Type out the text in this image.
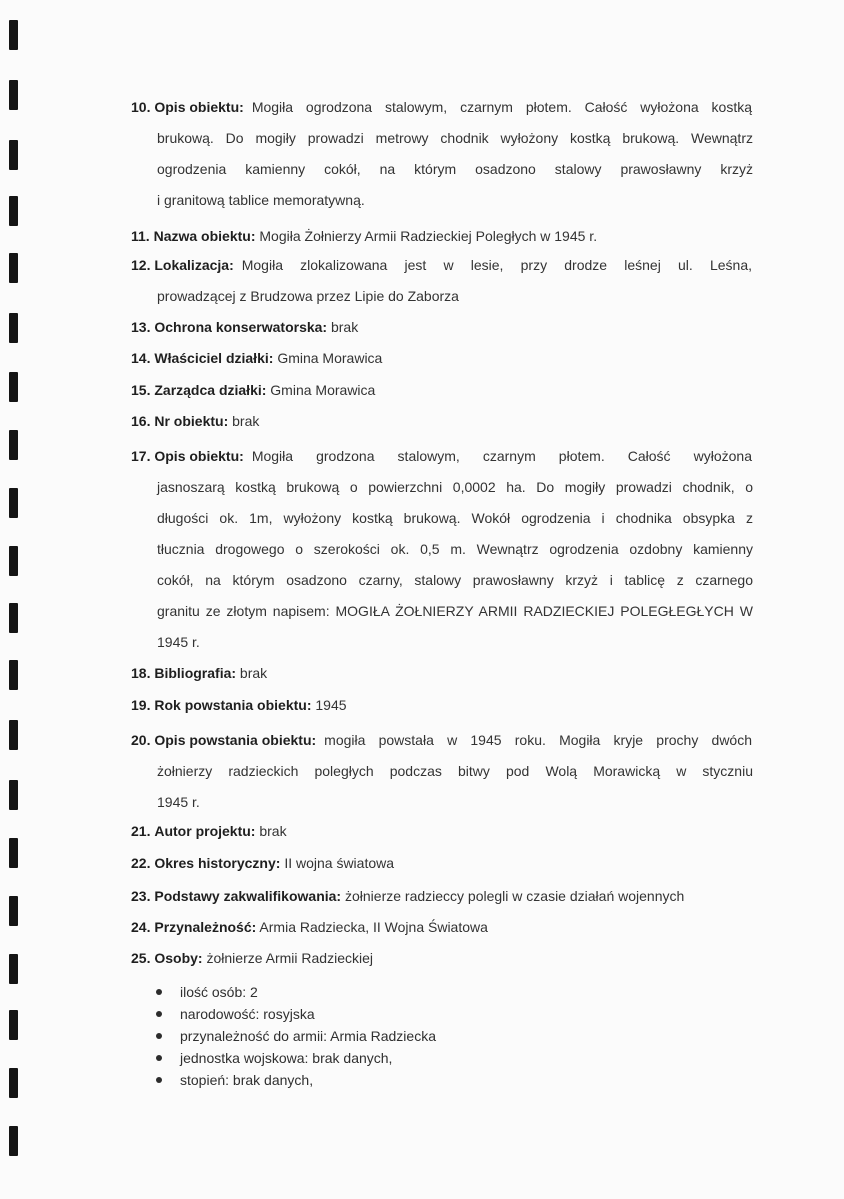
10. Opis obiektu: Mogiła ogrodzona stalowym, czarnym płotem. Całość wyłożona kostką
brukową. Do mogiły prowadzi metrowy chodnik wyłożony kostką brukową. Wewnątrz
ogrodzenia kamienny cokół, na którym osadzono stalowy prawosławny krzyż
i granitową tablice memoratywną.
11. Nazwa obiektu: Mogiła Żołnierzy Armii Radzieckiej Poległych w 1945 r.
12. Lokalizacja: Mogiła zlokalizowana jest w lesie, przy drodze leśnej ul. Leśna,
prowadzącej z Brudzowa przez Lipie do Zaborza
13. Ochrona konserwatorska: brak
14. Właściciel działki: Gmina Morawica
15. Zarządca działki: Gmina Morawica
16. Nr obiektu: brak
17. Opis obiektu: Mogiła grodzona stalowym, czarnym płotem. Całość wyłożona
jasnoszarą kostką brukową o powierzchni 0,0002 ha. Do mogiły prowadzi chodnik, o
długości ok. 1m, wyłożony kostką brukową. Wokół ogrodzenia i chodnika obsypka z
tłucznia drogowego o szerokości ok. 0,5 m. Wewnątrz ogrodzenia ozdobny kamienny
cokół, na którym osadzono czarny, stalowy prawosławny krzyż i tablicę z czarnego
granitu ze złotym napisem: MOGIŁA ŻOŁNIERZY ARMII RADZIECKIEJ POLEGŁEGŁYCH W
1945 r.
18. Bibliografia: brak
19. Rok powstania obiektu: 1945
20. Opis powstania obiektu: mogiła powstała w 1945 roku. Mogiła kryje prochy dwóch
żołnierzy radzieckich poległych podczas bitwy pod Wolą Morawicką w styczniu
1945 r.
21. Autor projektu: brak
22. Okres historyczny: II wojna światowa
23. Podstawy zakwalifikowania: żołnierze radzieccy polegli w czasie działań wojennych
24. Przynależność: Armia Radziecka, II Wojna Światowa
25. Osoby: żołnierze Armii Radzieckiej
ilość osób: 2
narodowość: rosyjska
przynależność do armii: Armia Radziecka
jednostka wojskowa: brak danych,
stopień: brak danych,
